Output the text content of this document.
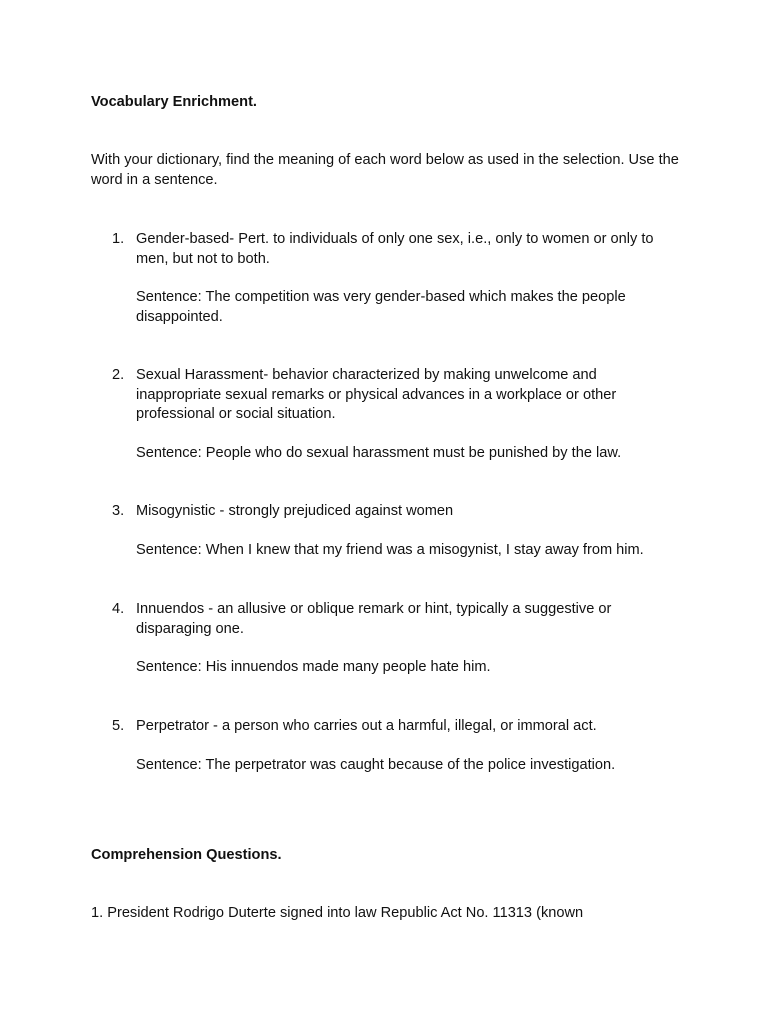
Vocabulary Enrichment.

With your dictionary, find the meaning of each word below as used in the selection. Use the word in a sentence.

1. Gender-based- Pert. to individuals of only one sex, i.e., only to women or only to men, but not to both.

Sentence: The competition was very gender-based which makes the people disappointed.

2. Sexual Harassment- behavior characterized by making unwelcome and inappropriate sexual remarks or physical advances in a workplace or other professional or social situation.

Sentence: People who do sexual harassment must be punished by the law.

3. Misogynistic - strongly prejudiced against women

Sentence: When I knew that my friend was a misogynist, I stay away from him.

4. Innuendos - an allusive or oblique remark or hint, typically a suggestive or disparaging one.

Sentence: His innuendos made many people hate him.

5. Perpetrator - a person who carries out a harmful, illegal, or immoral act.

Sentence: The perpetrator was caught because of the police investigation.

Comprehension Questions.

1. President Rodrigo Duterte signed into law Republic Act No. 11313 (known
